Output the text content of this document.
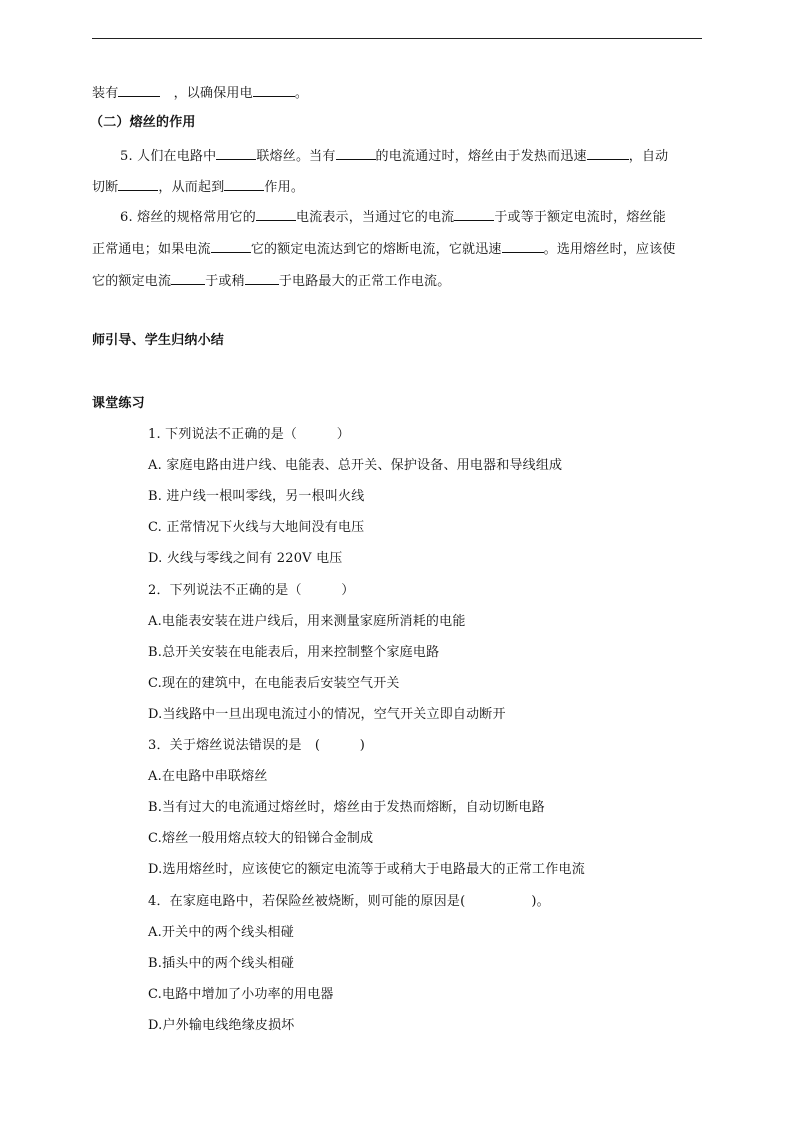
装有　	，以确保用电	。
（二）熔丝的作用
5. 人们在电路中	联熔丝。当有	的电流通过时，熔丝由于发热而迅速	，自动
切断	，从而起到	作用。
6. 熔丝的规格常用它的	电流表示，当通过它的电流	于或等于额定电流时，熔丝能
正常通电；如果电流	它的额定电流达到它的熔断电流，它就迅速	。选用熔丝时，应该使
它的额定电流	于或稍	于电路最大的正常工作电流。
师引导、学生归纳小结
课堂练习
1. 下列说法不正确的是（　　　）
A. 家庭电路由进户线、电能表、总开关、保护设备、用电器和导线组成
B. 进户线一根叫零线，另一根叫火线
C. 正常情况下火线与大地间没有电压
D. 火线与零线之间有 220V 电压
2．下列说法不正确的是（　　　）
A.电能表安装在进户线后，用来测量家庭所消耗的电能
B.总开关安装在电能表后，用来控制整个家庭电路
C.现在的建筑中，在电能表后安装空气开关
D.当线路中一旦出现电流过小的情况，空气开关立即自动断开
3．关于熔丝说法错误的是　(　　　)
A.在电路中串联熔丝
B.当有过大的电流通过熔丝时，熔丝由于发热而熔断，自动切断电路
C.熔丝一般用熔点较大的铅锑合金制成
D.选用熔丝时，应该使它的额定电流等于或稍大于电路最大的正常工作电流
4．在家庭电路中，若保险丝被烧断，则可能的原因是(　　　　　)。
A.开关中的两个线头相碰
B.插头中的两个线头相碰
C.电路中增加了小功率的用电器
D.户外输电线绝缘皮损坏
